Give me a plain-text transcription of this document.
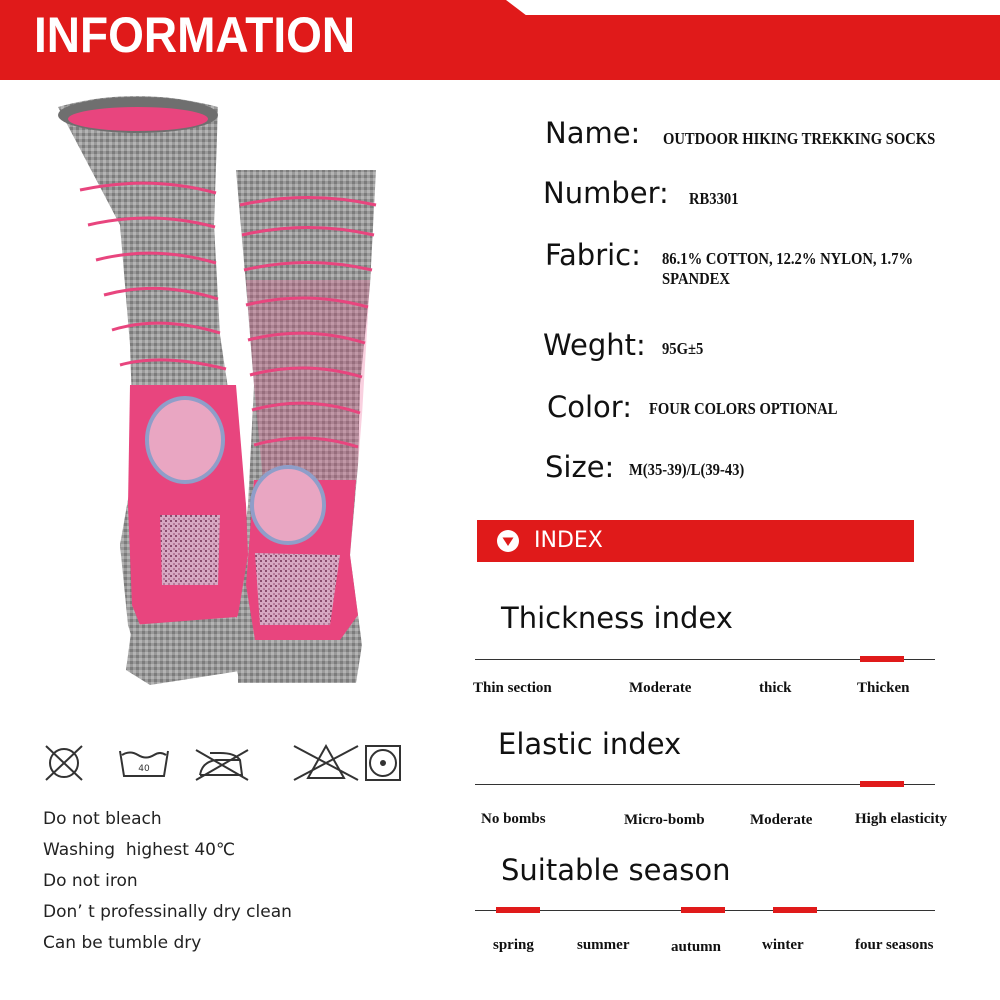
INFORMATION
Name: OUTDOOR HIKING TREKKING SOCKS
Number: RB3301
Fabric: 86.1% COTTON, 12.2% NYLON, 1.7% SPANDEX
Weght: 95G±5
Color: FOUR COLORS OPTIONAL
Size: M(35-39)/L(39-43)
INDEX
Thickness index
Thin section	Moderate	thick	Thicken
Elastic index
No bombs	Micro-bomb	Moderate	High elasticity
Suitable season
spring	summer	autumn	winter	four seasons
40
Do not bleach
Washing  highest 40℃
Do not iron
Don’ t professinally dry clean
Can be tumble dry
